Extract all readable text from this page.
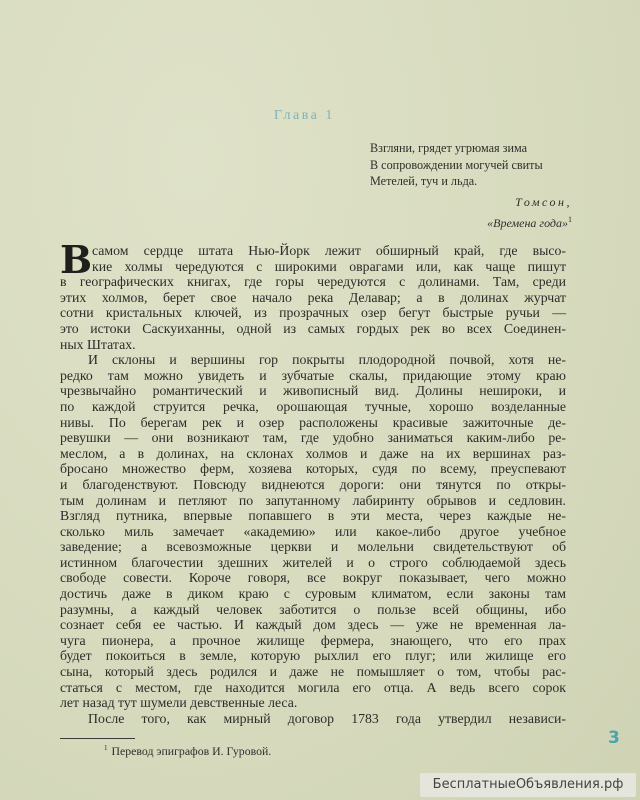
Глава 1
Взгляни, грядет угрюмая зима
В сопровождении могучей свиты
Метелей, туч и льда.
Томсон,
«Времена года»$^1$
В самом сердце штата Нью-Йорк лежит обширный край, где высо-
кие холмы чередуются с широкими оврагами или, как чаще пишут
в географических книгах, где горы чередуются с долинами. Там, среди
этих холмов, берет свое начало река Делавар; а в долинах журчат
сотни кристальных ключей, из прозрачных озер бегут быстрые ручьи —
это истоки Саскуиханны, одной из самых гордых рек во всех Соединен-
ных Штатах.
И склоны и вершины гор покрыты плодородной почвой, хотя не-
редко там можно увидеть и зубчатые скалы, придающие этому краю
чрезвычайно романтический и живописный вид. Долины неширoки, и
по каждой струится речка, орошающая тучные, хорошо возделанные
нивы. По берегам рек и озер расположены красивые зажиточные де-
ревушки — они возникают там, где удобно заниматься каким-либо ре-
меслом, а в долинах, на склонах холмов и даже на их вершинах раз-
бросано множество ферм, хозяева которых, судя по всему, преуспевают
и благоденствуют. Повсюду виднеются дороги: они тянутся по откры-
тым долинам и петляют по запутанному лабиринту обрывов и седловин.
Взгляд путника, впервые попавшего в эти места, через каждые не-
сколько миль замечает «академию» или какое-либо другое учебное
заведение; а всевозможные церкви и молельни свидетельствуют об
истинном благочестии здешних жителей и о строго соблюдаемой здесь
свободе совести. Короче говоря, все вокруг показывает, чего можно
достичь даже в диком краю с суровым климатом, если законы там
разумны, а каждый человек заботится о пользе всей общины, ибо
сознает себя ее частью. И каждый дом здесь — уже не временная ла-
чуга пионера, а прочное жилище фермера, знающего, что его прах
будет покоиться в земле, которую рыхлил его плуг; или жилище его
сына, который здесь родился и даже не помышляет о том, чтобы рас-
статься с местом, где находится могила его отца. А ведь всего сорок
лет назад тут шумели девственные леса.
После того, как мирный договор 1783 года утвердил независи-
$^1$ Перевод эпиграфов И. Гуровой.
3
БесплатныеОбъявления.рф
